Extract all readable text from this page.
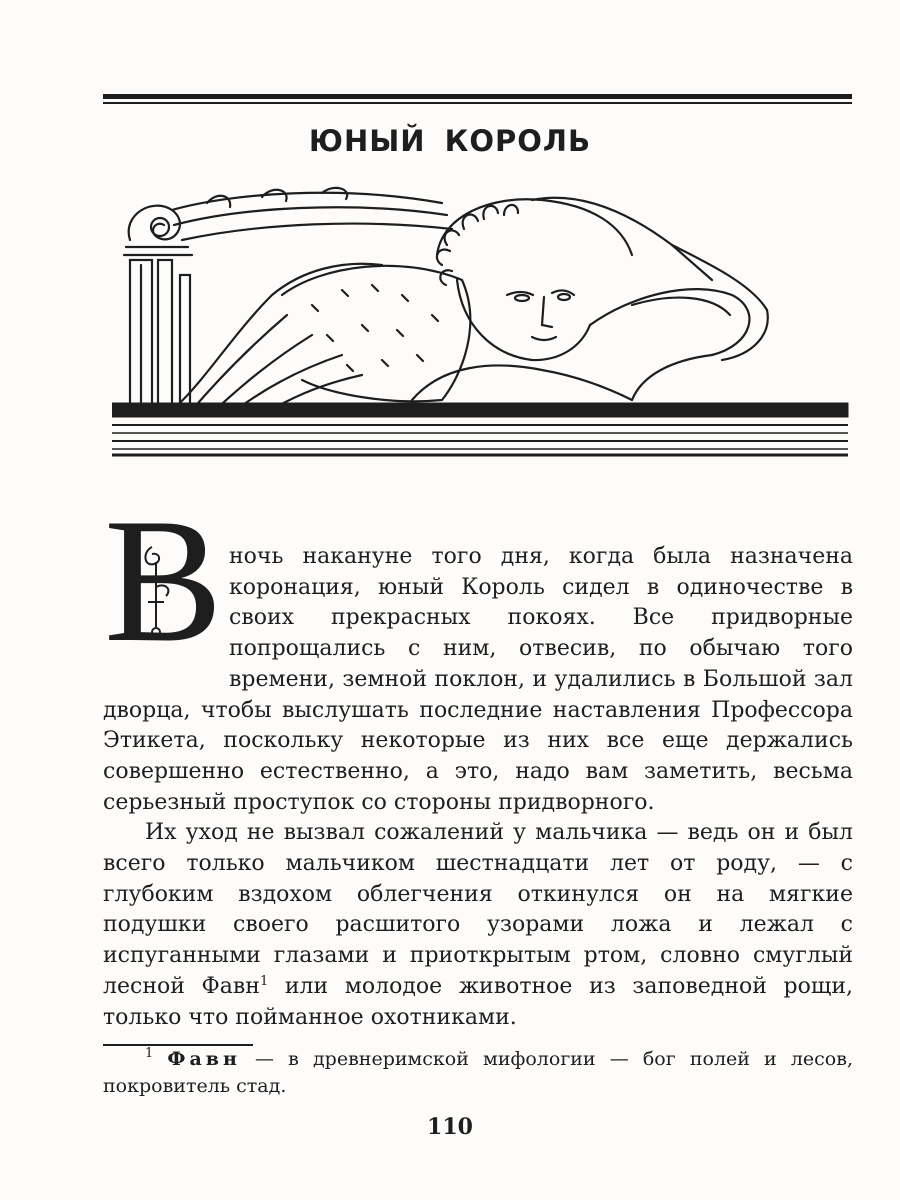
ЮНЫЙ КОРОЛЬ
В ночь накануне того дня, когда была назначена коронация, юный Король сидел в одиночестве в своих прекрасных покоях. Все придворные попрощались с ним, отвесив, по обычаю того времени, земной поклон, и удалились в Большой зал дворца, чтобы выслушать последние наставления Профессора Этикета, поскольку некоторые из них все еще держались совершенно естественно, а это, надо вам заметить, весьма серьезный проступок со стороны придворного.

Их уход не вызвал сожалений у мальчика — ведь он и был всего только мальчиком шестнадцати лет от роду, — с глубоким вздохом облегчения откинулся он на мягкие подушки своего расшитого узорами ложа и лежал с испуганными глазами и приоткрытым ртом, словно смуглый лесной Фавн$^1$ или молодое животное из заповедной рощи, только что пойманное охотниками.

$^1$ Фавн — в древнеримской мифологии — бог полей и лесов, покровитель стад.

110
